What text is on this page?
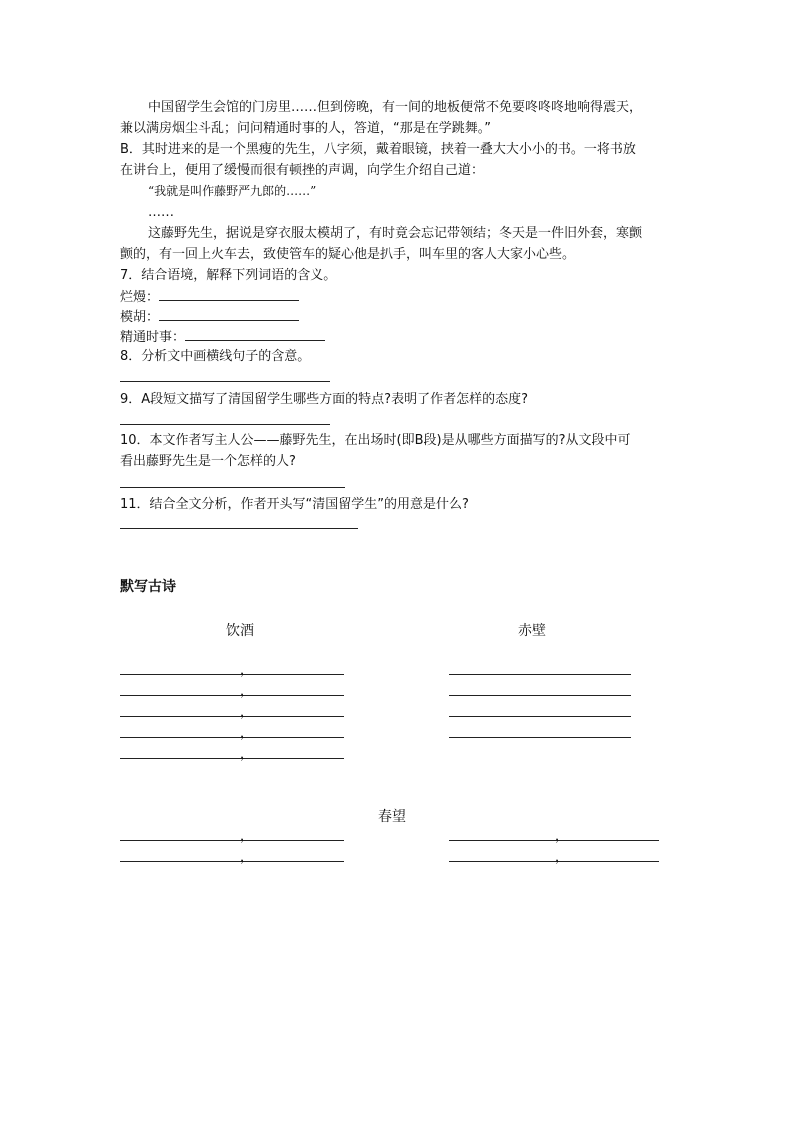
中国留学生会馆的门房里……但到傍晚，有一间的地板便常不免要咚咚咚地响得震天，
兼以满房烟尘斗乱；问问精通时事的人，答道，“那是在学跳舞。”
B．其时进来的是一个黑瘦的先生，八字须，戴着眼镜，挟着一叠大大小小的书。一将书放
在讲台上，便用了缓慢而很有顿挫的声调，向学生介绍自己道：
“我就是叫作藤野严九郎的……”
……
这藤野先生，据说是穿衣服太模胡了，有时竟会忘记带领结；冬天是一件旧外套，寒颤
颤的，有一回上火车去，致使管车的疑心他是扒手，叫车里的客人大家小心些。
7．结合语境，解释下列词语的含义。
烂熳：
模胡：
精通时事：
8．分析文中画横线句子的含意。
9．A段短文描写了清国留学生哪些方面的特点?表明了作者怎样的态度?
10．本文作者写主人公——藤野先生，在出场时(即B段)是从哪些方面描写的?从文段中可
看出藤野先生是一个怎样的人?
11．结合全文分析，作者开头写“清国留学生”的用意是什么?
默写古诗
饮酒	赤壁
，
，
，
，
，
春望
，
，
，
，
